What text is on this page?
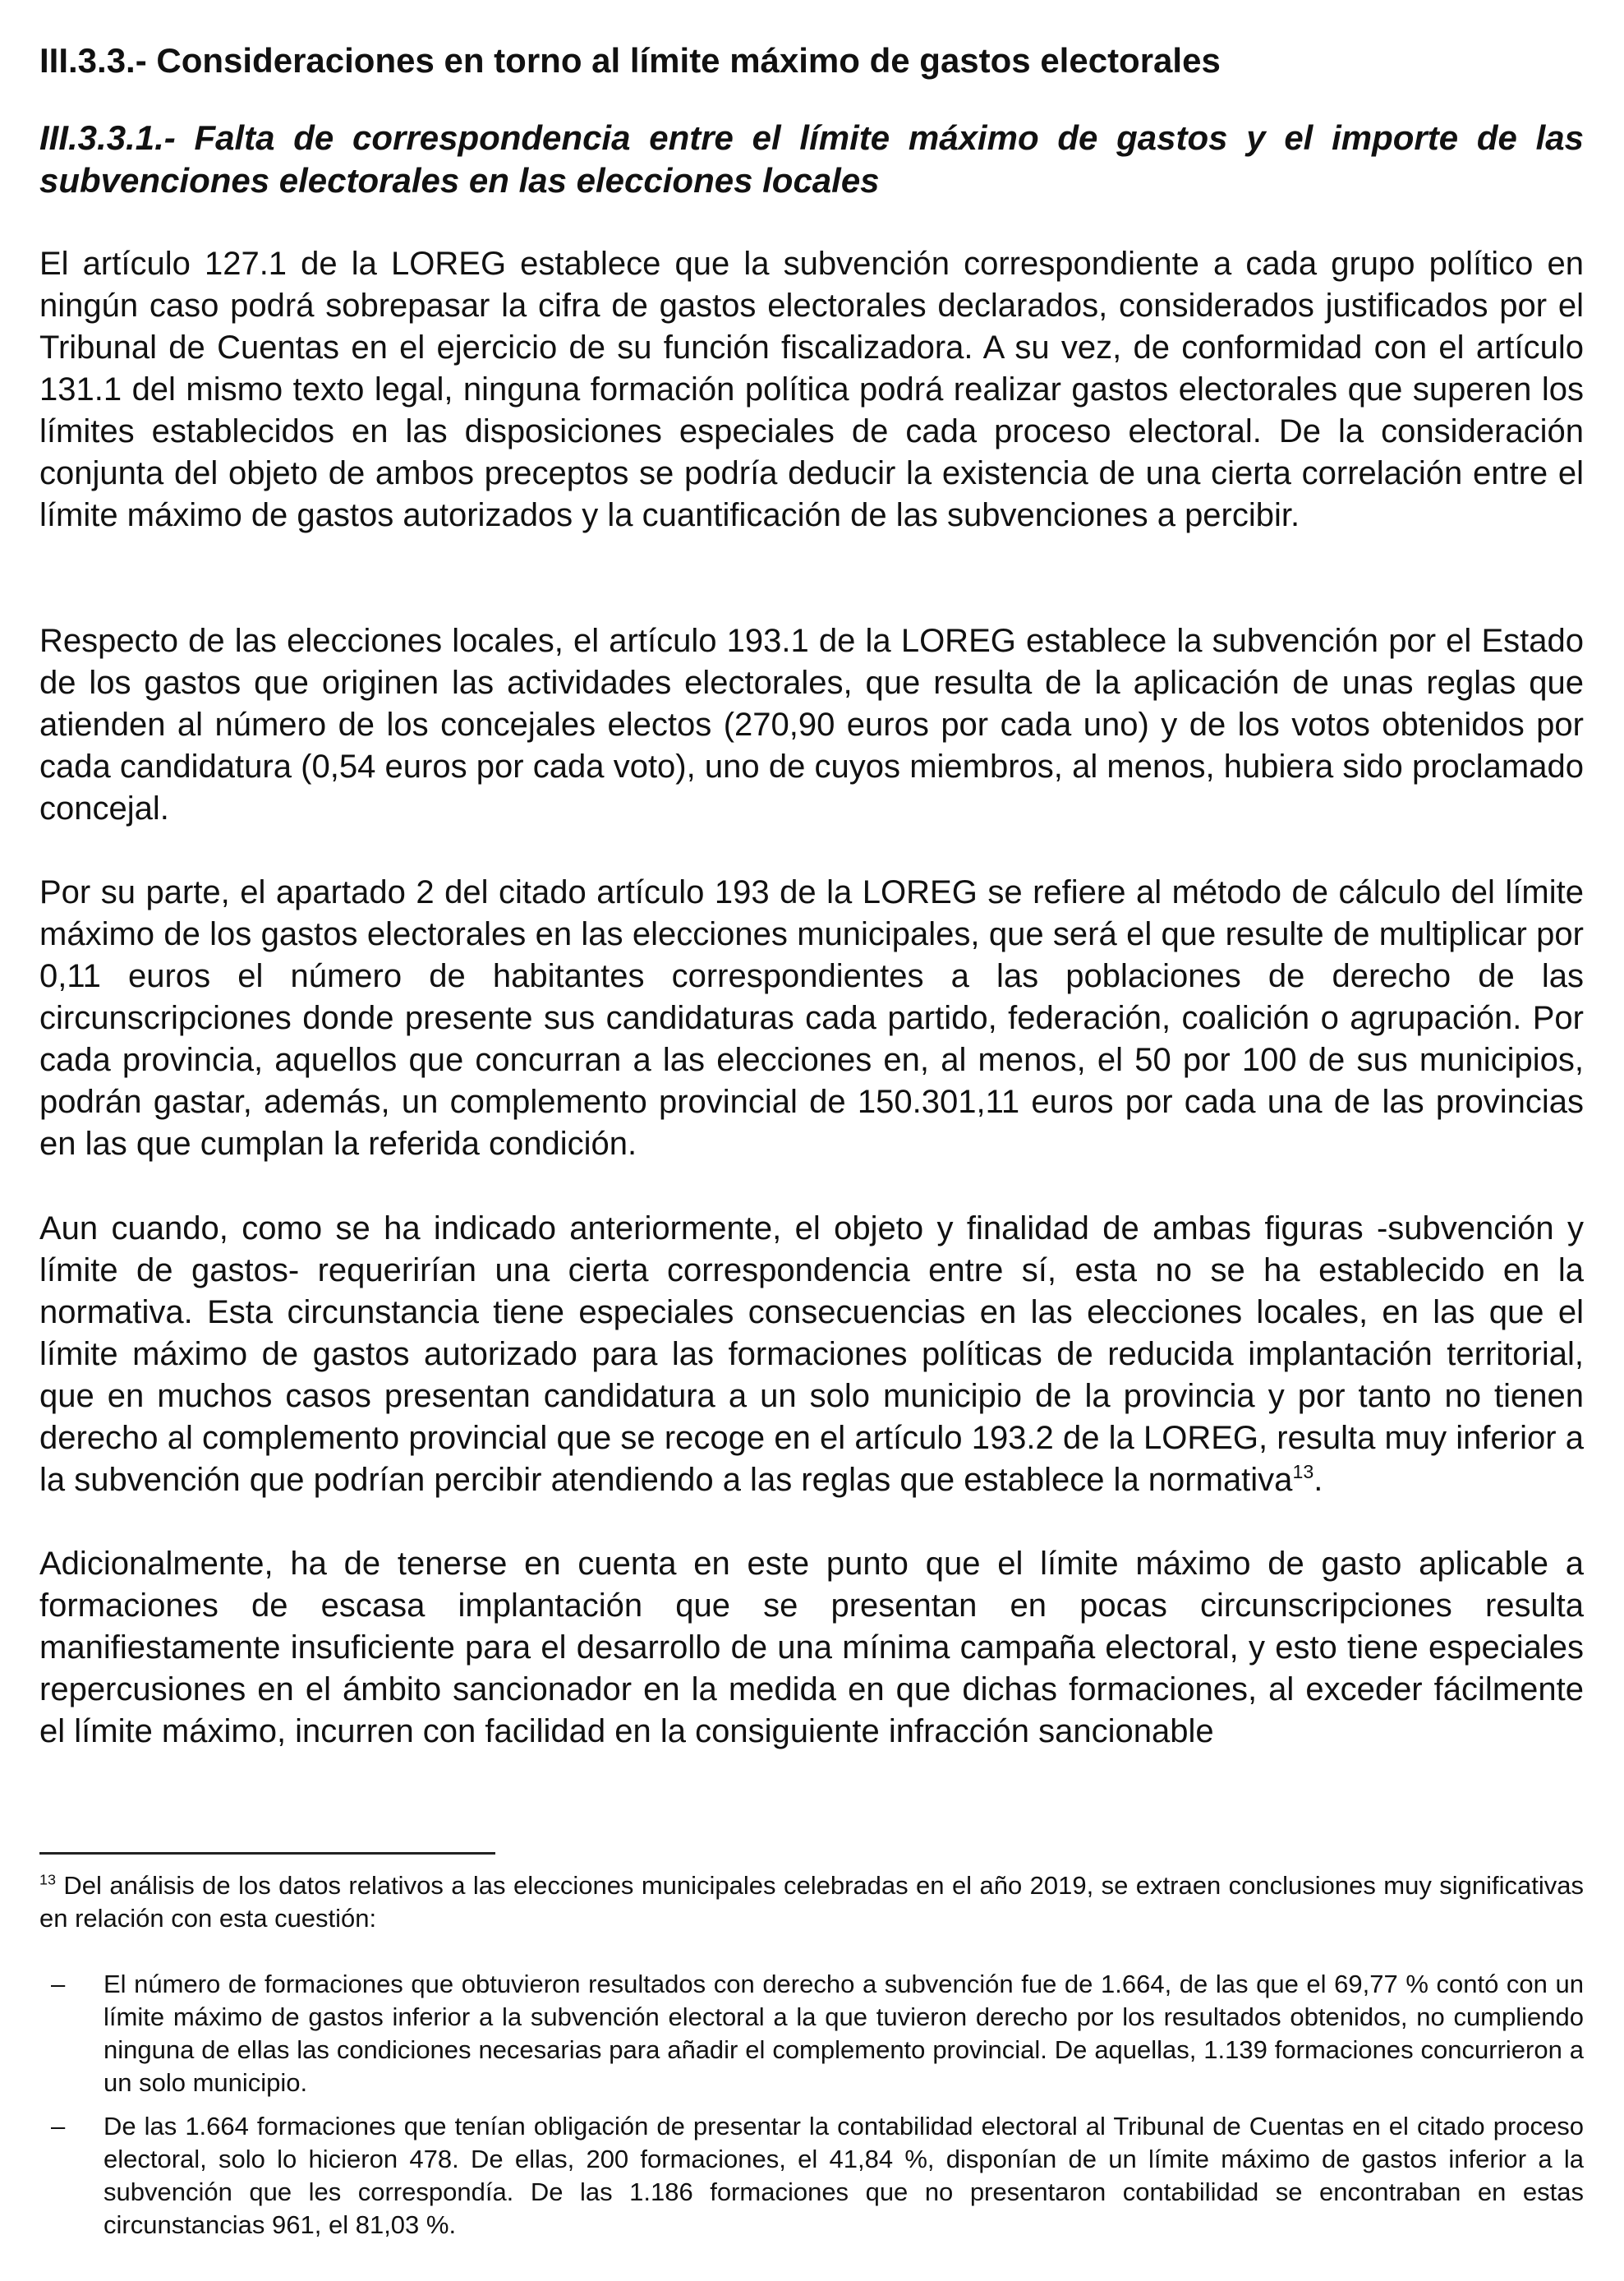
III.3.3.- Consideraciones en torno al límite máximo de gastos electorales
III.3.3.1.- Falta de correspondencia entre el límite máximo de gastos y el importe de las subvenciones electorales en las elecciones locales

El artículo 127.1 de la LOREG establece que la subvención correspondiente a cada grupo político en ningún caso podrá sobrepasar la cifra de gastos electorales declarados, considerados justificados por el Tribunal de Cuentas en el ejercicio de su función fiscalizadora. A su vez, de conformidad con el artículo 131.1 del mismo texto legal, ninguna formación política podrá realizar gastos electorales que superen los límites establecidos en las disposiciones especiales de cada proceso electoral. De la consideración conjunta del objeto de ambos preceptos se podría deducir la existencia de una cierta correlación entre el límite máximo de gastos autorizados y la cuantificación de las subvenciones a percibir.

Respecto de las elecciones locales, el artículo 193.1 de la LOREG establece la subvención por el Estado de los gastos que originen las actividades electorales, que resulta de la aplicación de unas reglas que atienden al número de los concejales electos (270,90 euros por cada uno) y de los votos obtenidos por cada candidatura (0,54 euros por cada voto), uno de cuyos miembros, al menos, hubiera sido proclamado concejal.

Por su parte, el apartado 2 del citado artículo 193 de la LOREG se refiere al método de cálculo del límite máximo de los gastos electorales en las elecciones municipales, que será el que resulte de multiplicar por 0,11 euros el número de habitantes correspondientes a las poblaciones de derecho de las circunscripciones donde presente sus candidaturas cada partido, federación, coalición o agrupación. Por cada provincia, aquellos que concurran a las elecciones en, al menos, el 50 por 100 de sus municipios, podrán gastar, además, un complemento provincial de 150.301,11 euros por cada una de las provincias en las que cumplan la referida condición.

Aun cuando, como se ha indicado anteriormente, el objeto y finalidad de ambas figuras -subvención y límite de gastos- requerirían una cierta correspondencia entre sí, esta no se ha establecido en la normativa. Esta circunstancia tiene especiales consecuencias en las elecciones locales, en las que el límite máximo de gastos autorizado para las formaciones políticas de reducida implantación territorial, que en muchos casos presentan candidatura a un solo municipio de la provincia y por tanto no tienen derecho al complemento provincial que se recoge en el artículo 193.2 de la LOREG, resulta muy inferior a la subvención que podrían percibir atendiendo a las reglas que establece la normativa$^{13}$.

Adicionalmente, ha de tenerse en cuenta en este punto que el límite máximo de gasto aplicable a formaciones de escasa implantación que se presentan en pocas circunscripciones resulta manifiestamente insuficiente para el desarrollo de una mínima campaña electoral, y esto tiene especiales repercusiones en el ámbito sancionador en la medida en que dichas formaciones, al exceder fácilmente el límite máximo, incurren con facilidad en la consiguiente infracción sancionable

$^{13}$ Del análisis de los datos relativos a las elecciones municipales celebradas en el año 2019, se extraen conclusiones muy significativas en relación con esta cuestión:

– El número de formaciones que obtuvieron resultados con derecho a subvención fue de 1.664, de las que el 69,77 % contó con un límite máximo de gastos inferior a la subvención electoral a la que tuvieron derecho por los resultados obtenidos, no cumpliendo ninguna de ellas las condiciones necesarias para añadir el complemento provincial. De aquellas, 1.139 formaciones concurrieron a un solo municipio.

– De las 1.664 formaciones que tenían obligación de presentar la contabilidad electoral al Tribunal de Cuentas en el citado proceso electoral, solo lo hicieron 478. De ellas, 200 formaciones, el 41,84 %, disponían de un límite máximo de gastos inferior a la subvención que les correspondía. De las 1.186 formaciones que no presentaron contabilidad se encontraban en estas circunstancias 961, el 81,03 %.
